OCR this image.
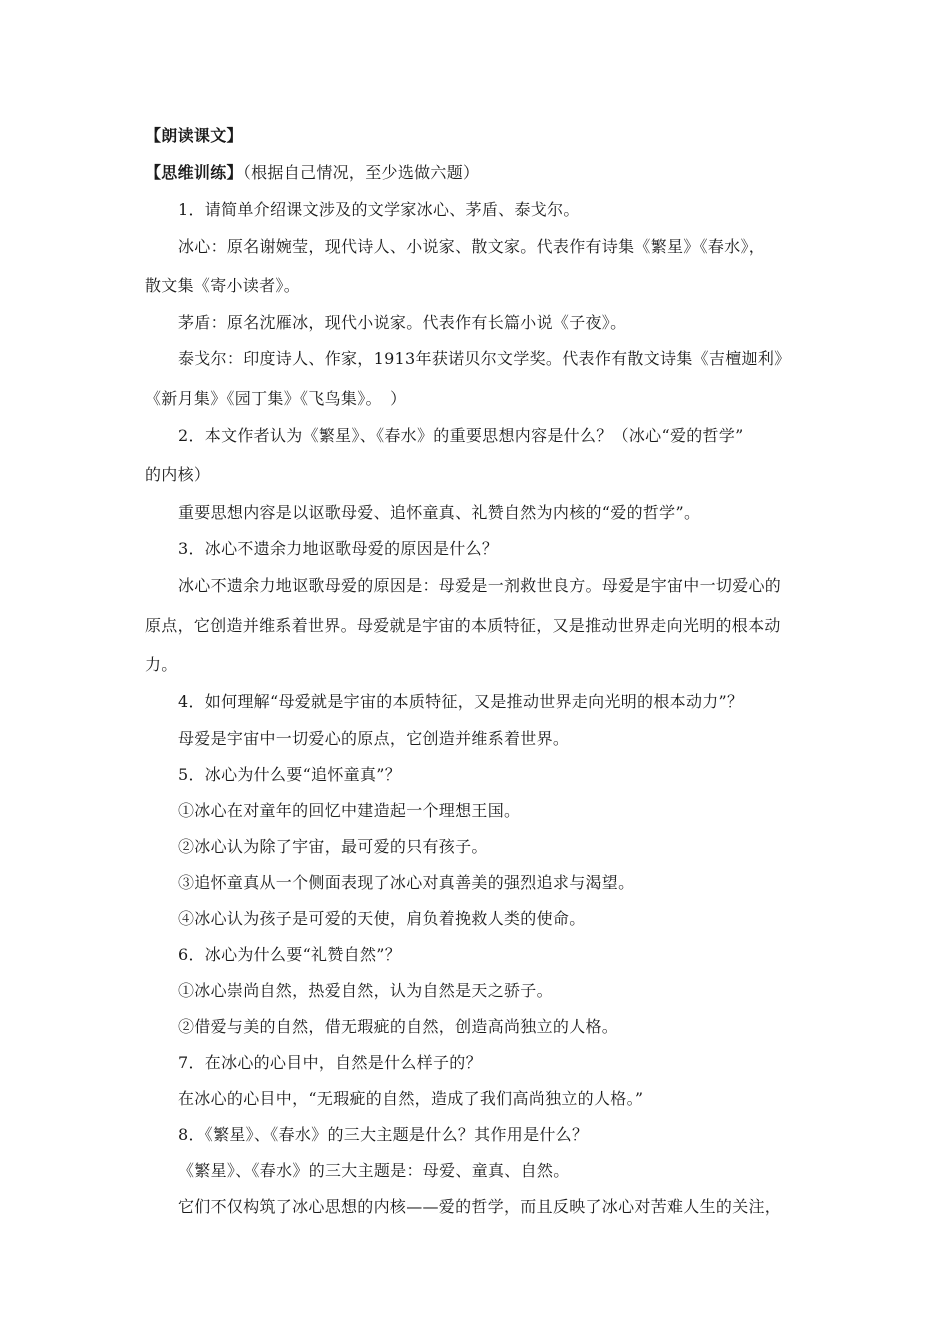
【朗读课文】
【思维训练】（根据自己情况，至少选做六题）
1．请简单介绍课文涉及的文学家冰心、茅盾、泰戈尔。
冰心：原名谢婉莹，现代诗人、小说家、散文家。代表作有诗集《繁星》《春水》，
散文集《寄小读者》。
茅盾：原名沈雁冰，现代小说家。代表作有长篇小说《子夜》。
泰戈尔：印度诗人、作家，1913年获诺贝尔文学奖。代表作有散文诗集《吉檀迦利》
《新月集》《园丁集》《飞鸟集》。　）
2．本文作者认为《繁星》、《春水》的重要思想内容是什么？（冰心“爱的哲学”
的内核）
重要思想内容是以讴歌母爱、追怀童真、礼赞自然为内核的“爱的哲学”。
3．冰心不遗余力地讴歌母爱的原因是什么？
冰心不遗余力地讴歌母爱的原因是：母爱是一剂救世良方。母爱是宇宙中一切爱心的
原点，它创造并维系着世界。母爱就是宇宙的本质特征，又是推动世界走向光明的根本动
力。
4．如何理解“母爱就是宇宙的本质特征，又是推动世界走向光明的根本动力”？
母爱是宇宙中一切爱心的原点，它创造并维系着世界。
5．冰心为什么要“追怀童真”？
①冰心在对童年的回忆中建造起一个理想王国。
②冰心认为除了宇宙，最可爱的只有孩子。
③追怀童真从一个侧面表现了冰心对真善美的强烈追求与渴望。
④冰心认为孩子是可爱的天使，肩负着挽救人类的使命。
6．冰心为什么要“礼赞自然”？
①冰心崇尚自然，热爱自然，认为自然是天之骄子。
②借爱与美的自然，借无瑕疵的自然，创造高尚独立的人格。
7．在冰心的心目中，自然是什么样子的？
在冰心的心目中，“无瑕疵的自然，造成了我们高尚独立的人格。”
8．《繁星》、《春水》的三大主题是什么？其作用是什么？
《繁星》、《春水》的三大主题是：母爱、童真、自然。
它们不仅构筑了冰心思想的内核——爱的哲学，而且反映了冰心对苦难人生的关注，
